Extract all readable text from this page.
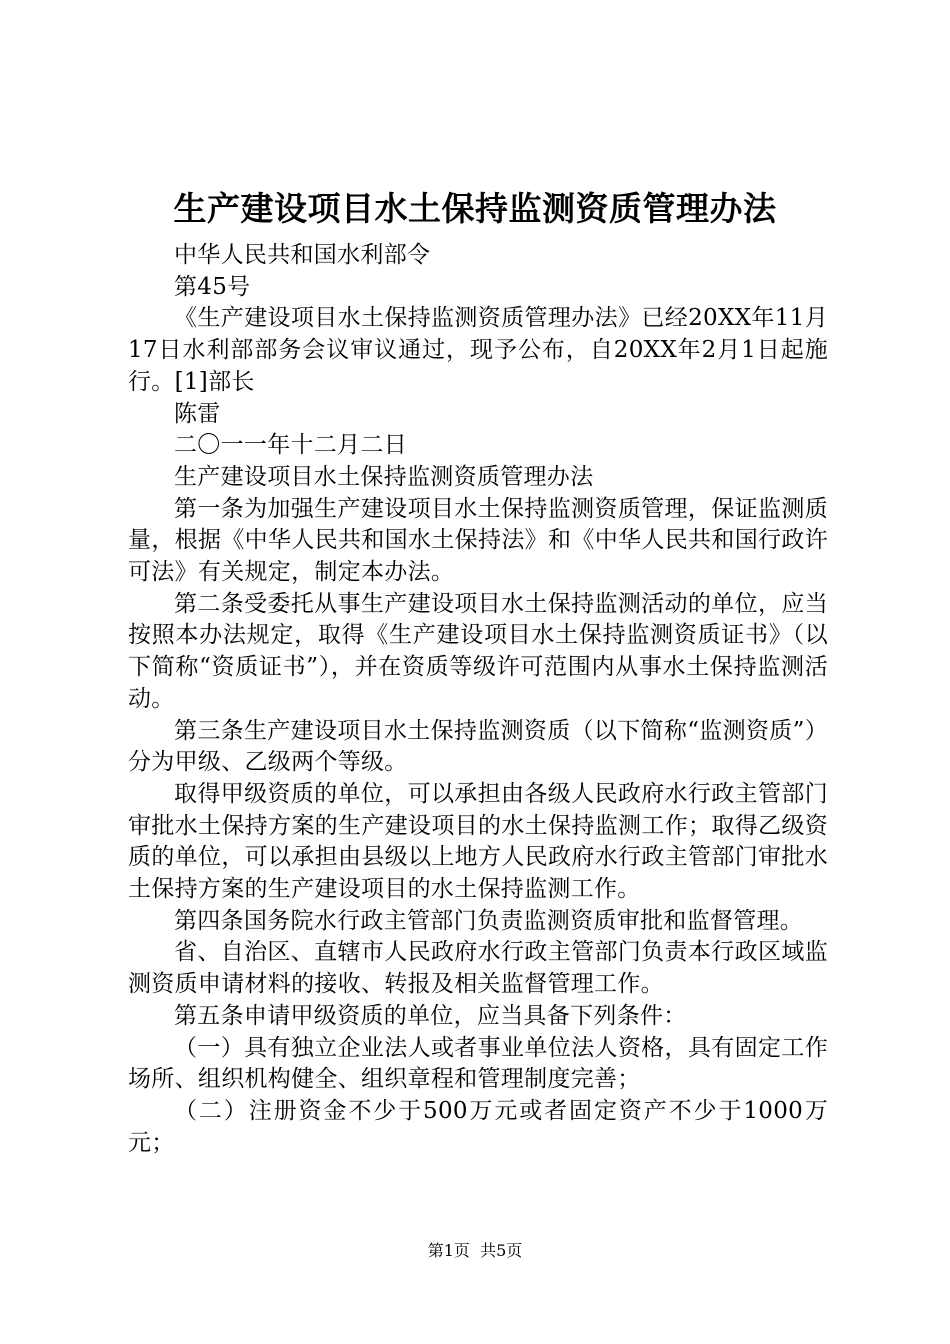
生产建设项目水土保持监测资质管理办法

中华人民共和国水利部令

第45号

《生产建设项目水土保持监测资质管理办法》已经20XX年11月17日水利部部务会议审议通过，现予公布，自20XX年2月1日起施行。[1]部长

陈雷

二〇一一年十二月二日

生产建设项目水土保持监测资质管理办法

第一条为加强生产建设项目水土保持监测资质管理，保证监测质量，根据《中华人民共和国水土保持法》和《中华人民共和国行政许可法》有关规定，制定本办法。

第二条受委托从事生产建设项目水土保持监测活动的单位，应当按照本办法规定，取得《生产建设项目水土保持监测资质证书》（以下简称“资质证书”），并在资质等级许可范围内从事水土保持监测活动。

第三条生产建设项目水土保持监测资质（以下简称“监测资质”）分为甲级、乙级两个等级。

取得甲级资质的单位，可以承担由各级人民政府水行政主管部门审批水土保持方案的生产建设项目的水土保持监测工作；取得乙级资质的单位，可以承担由县级以上地方人民政府水行政主管部门审批水土保持方案的生产建设项目的水土保持监测工作。

第四条国务院水行政主管部门负责监测资质审批和监督管理。

省、自治区、直辖市人民政府水行政主管部门负责本行政区域监测资质申请材料的接收、转报及相关监督管理工作。

第五条申请甲级资质的单位，应当具备下列条件：

（一）具有独立企业法人或者事业单位法人资格，具有固定工作场所、组织机构健全、组织章程和管理制度完善；

（二）注册资金不少于500万元或者固定资产不少于1000万元；

第1页 共5页
